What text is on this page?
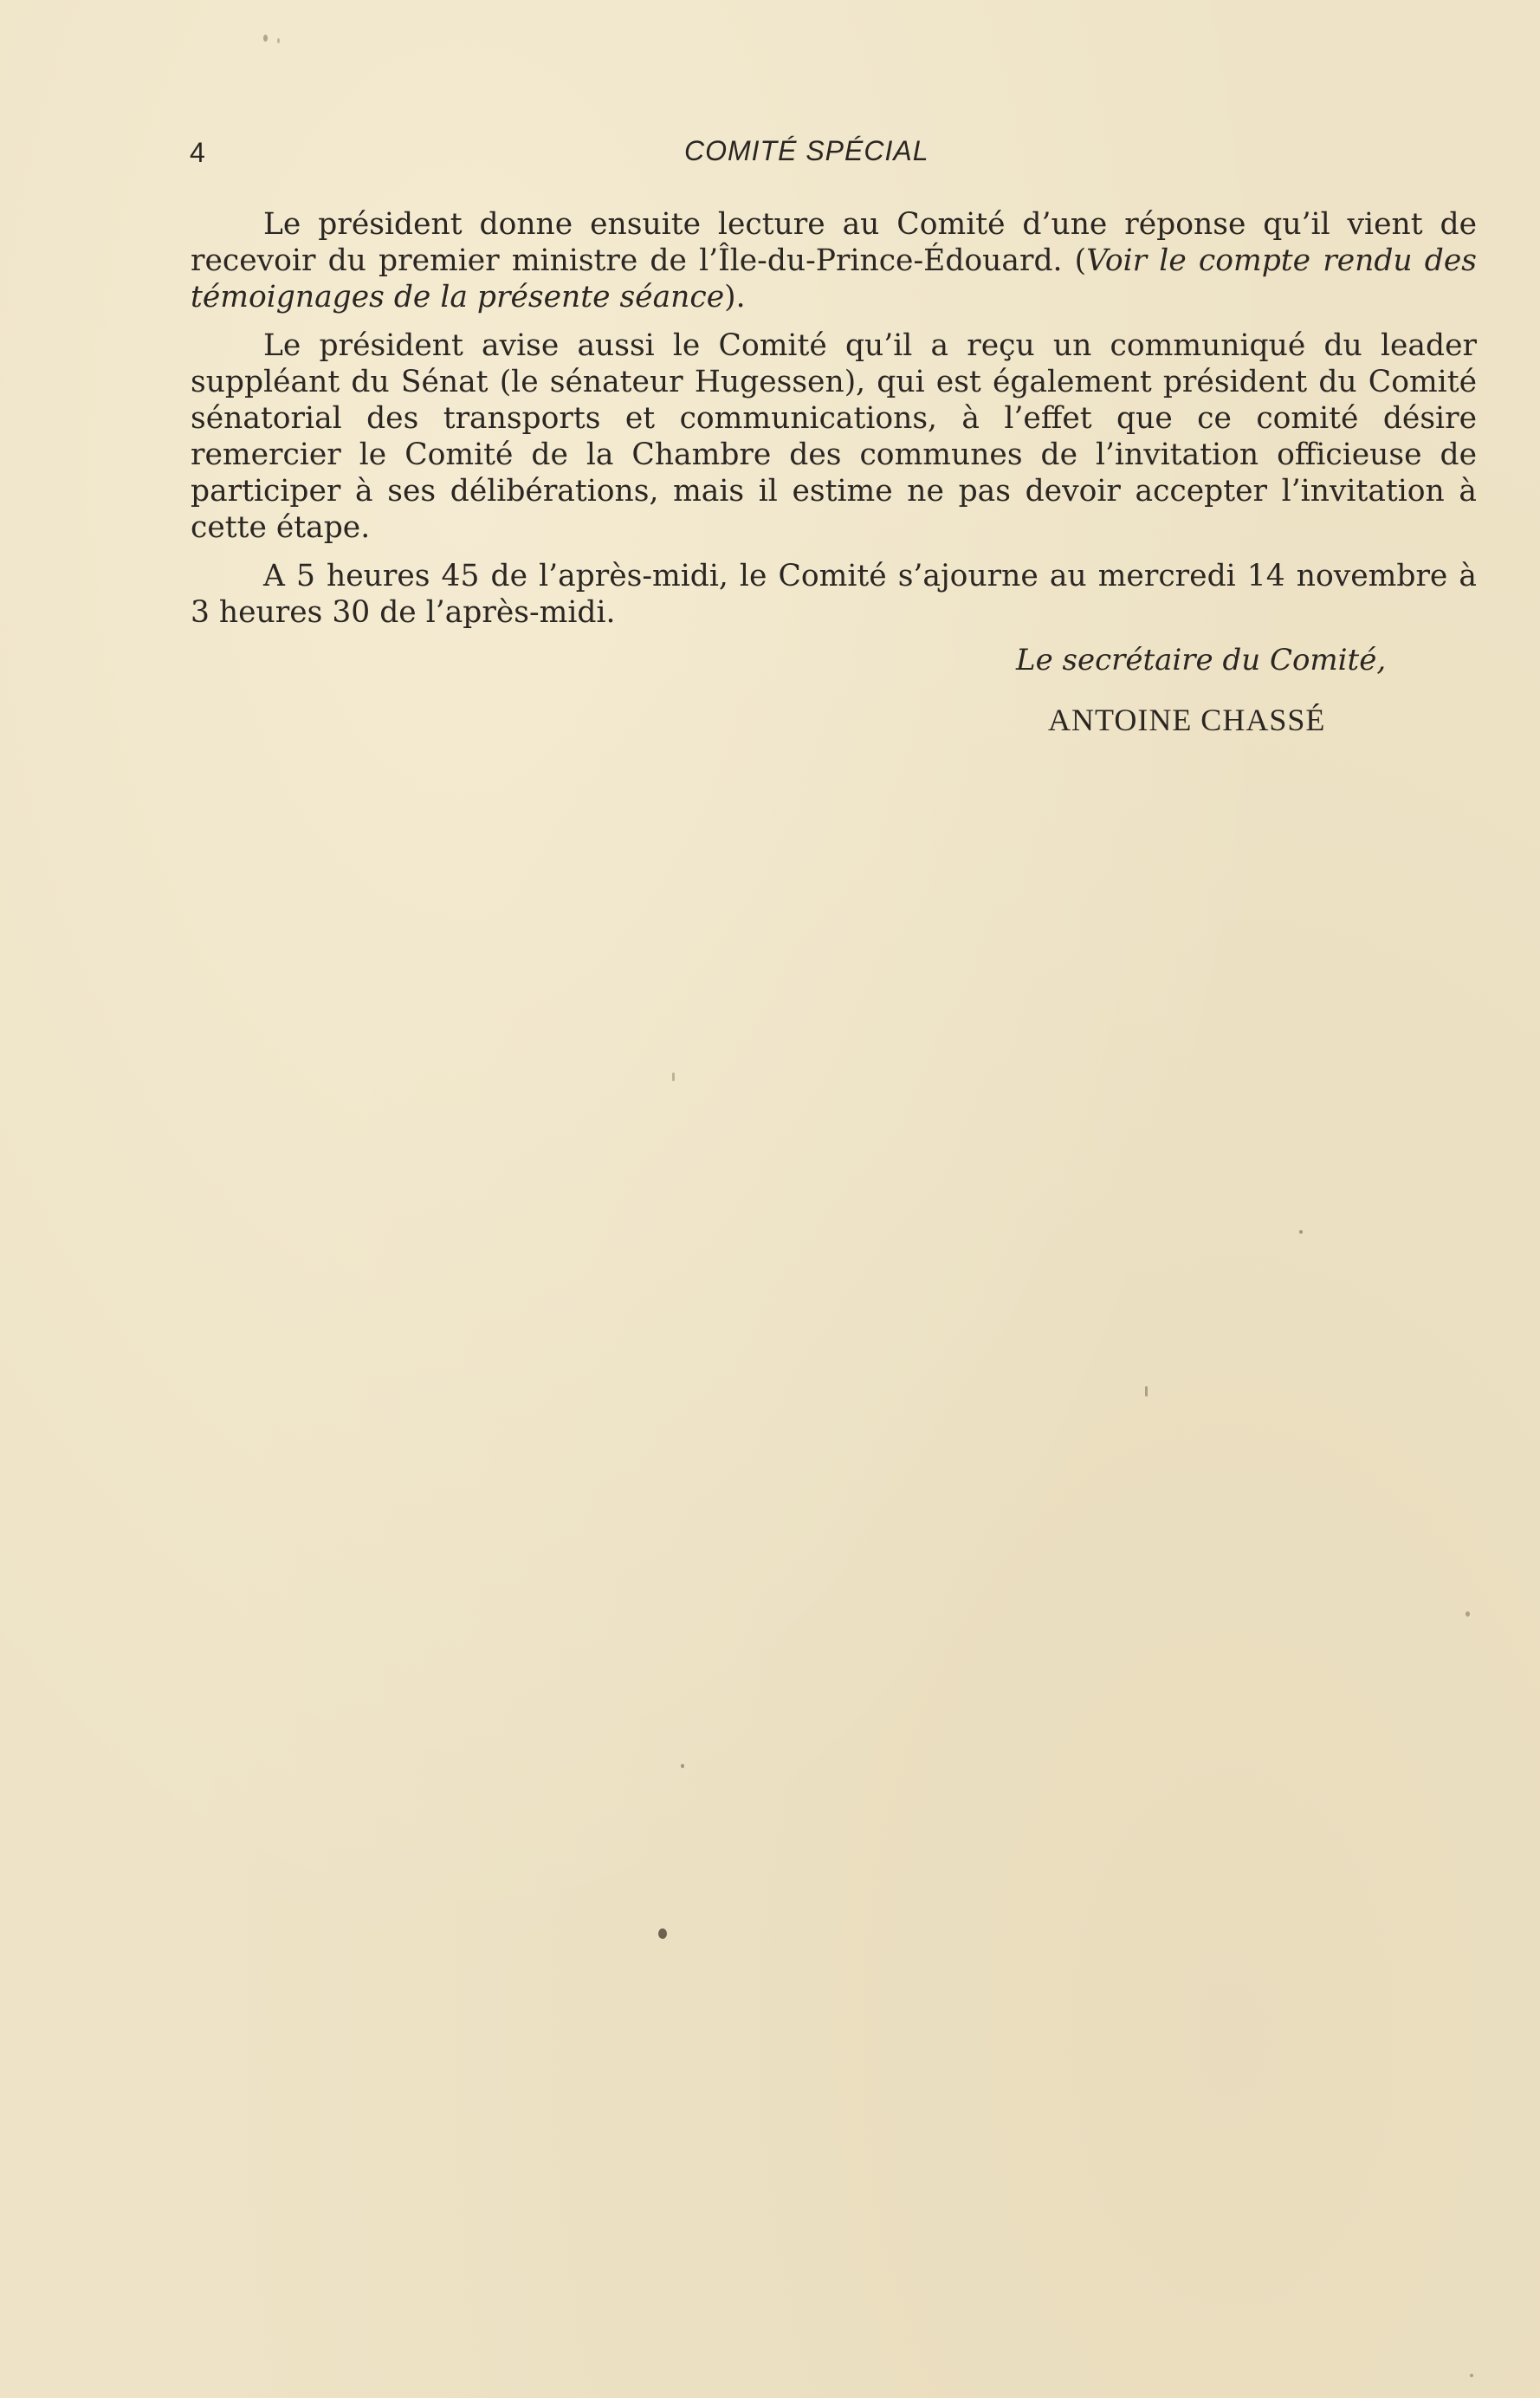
4	COMITÉ SPÉCIAL

Le président donne ensuite lecture au Comité d’une réponse qu’il vient de recevoir du premier ministre de l’Île-du-Prince-Édouard. (Voir le compte rendu des témoignages de la présente séance).

Le président avise aussi le Comité qu’il a reçu un communiqué du leader suppléant du Sénat (le sénateur Hugessen), qui est également président du Comité sénatorial des transports et communications, à l’effet que ce comité désire remercier le Comité de la Chambre des communes de l’invitation officieuse de participer à ses délibérations, mais il estime ne pas devoir accepter l’invitation à cette étape.

A 5 heures 45 de l’après-midi, le Comité s’ajourne au mercredi 14 novembre à 3 heures 30 de l’après-midi.

Le secrétaire du Comité,
ANTOINE CHASSÉ
